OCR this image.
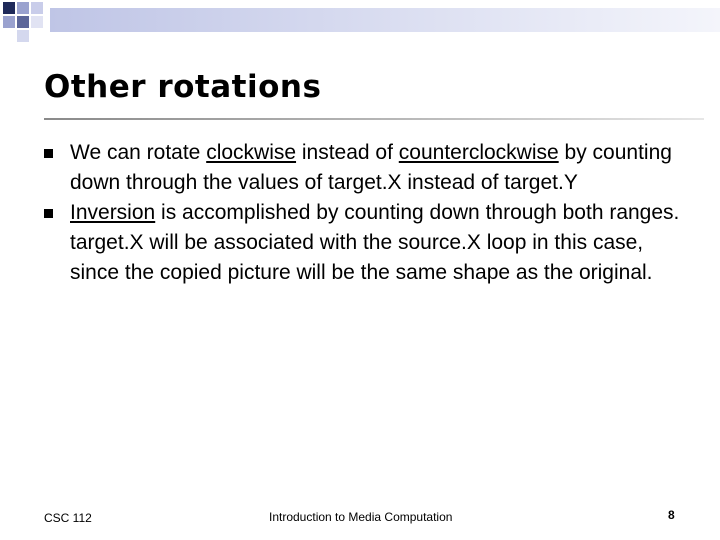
Other rotations
We can rotate clockwise instead of counterclockwise by counting down through the values of target.X instead of target.Y
Inversion is accomplished by counting down through both ranges. target.X will be associated with the source.X loop in this case, since the copied picture will be the same shape as the original.
CSC 112	Introduction to Media Computation	8
